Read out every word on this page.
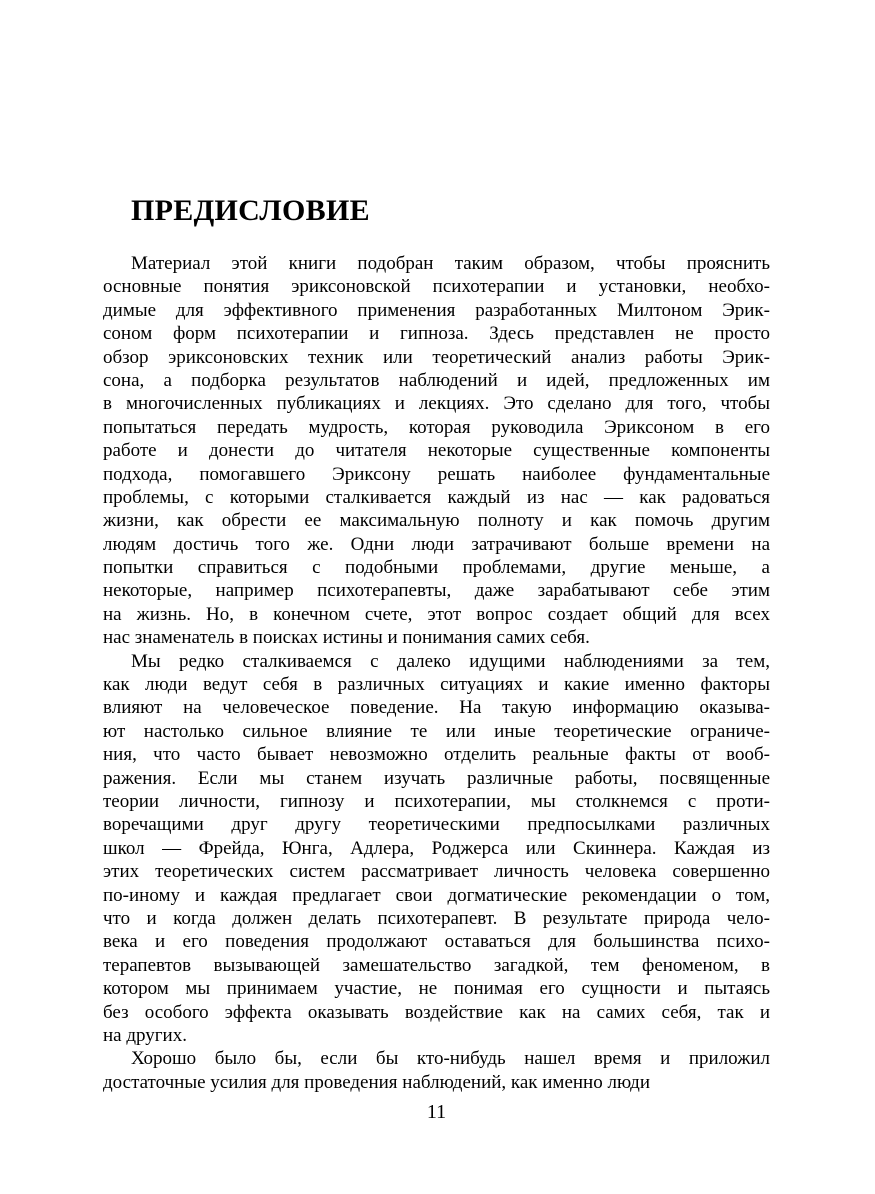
ПРЕДИСЛОВИЕ
Материал этой книги подобран таким образом, чтобы прояснить
основные понятия эриксоновской психотерапии и установки, необхо-
димые для эффективного применения разработанных Милтоном Эрик-
соном форм психотерапии и гипноза. Здесь представлен не просто
обзор эриксоновских техник или теоретический анализ работы Эрик-
сона, а подборка результатов наблюдений и идей, предложенных им
в многочисленных публикациях и лекциях. Это сделано для того, чтобы
попытаться передать мудрость, которая руководила Эриксоном в его
работе и донести до читателя некоторые существенные компоненты
подхода, помогавшего Эриксону решать наиболее фундаментальные
проблемы, с которыми сталкивается каждый из нас — как радоваться
жизни, как обрести ее максимальную полноту и как помочь другим
людям достичь того же. Одни люди затрачивают больше времени на
попытки справиться с подобными проблемами, другие меньше, а
некоторые, например психотерапевты, даже зарабатывают себе этим
на жизнь. Но, в конечном счете, этот вопрос создает общий для всех
нас знаменатель в поисках истины и понимания самих себя.
Мы редко сталкиваемся с далеко идущими наблюдениями за тем,
как люди ведут себя в различных ситуациях и какие именно факторы
влияют на человеческое поведение. На такую информацию оказыва-
ют настолько сильное влияние те или иные теоретические ограниче-
ния, что часто бывает невозможно отделить реальные факты от вооб-
ражения. Если мы станем изучать различные работы, посвященные
теории личности, гипнозу и психотерапии, мы столкнемся с проти-
воречащими друг другу теоретическими предпосылками различных
школ — Фрейда, Юнга, Адлера, Роджерса или Скиннера. Каждая из
этих теоретических систем рассматривает личность человека совершенно
по-иному и каждая предлагает свои догматические рекомендации о том,
что и когда должен делать психотерапевт. В результате природа чело-
века и его поведения продолжают оставаться для большинства психо-
терапевтов вызывающей замешательство загадкой, тем феноменом, в
котором мы принимаем участие, не понимая его сущности и пытаясь
без особого эффекта оказывать воздействие как на самих себя, так и
на других.
Хорошо было бы, если бы кто-нибудь нашел время и приложил
достаточные усилия для проведения наблюдений, как именно люди
11
